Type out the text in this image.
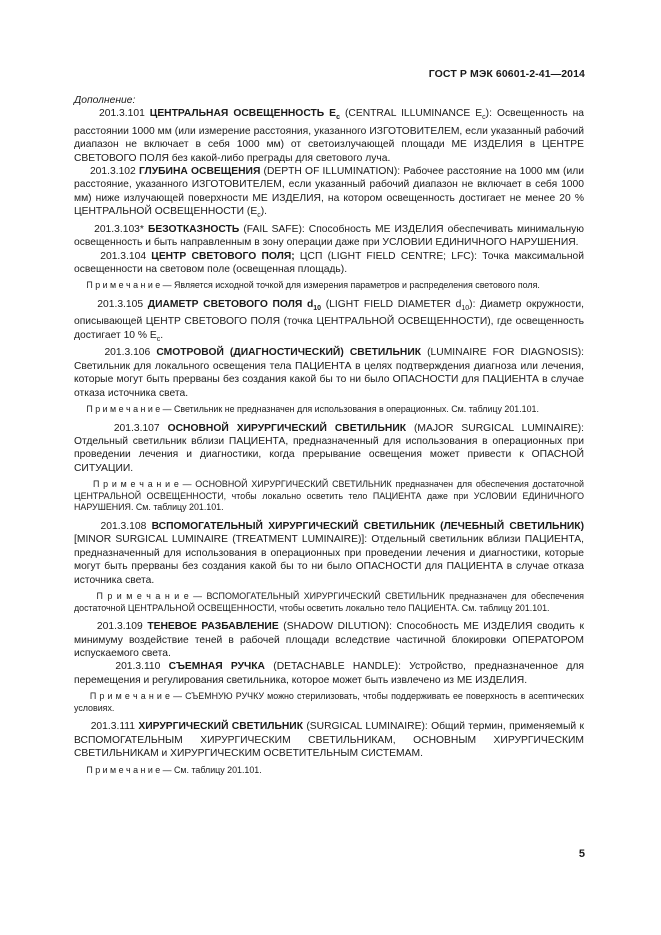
ГОСТ Р МЭК 60601-2-41—2014

Дополнение:

201.3.101 ЦЕНТРАЛЬНАЯ ОСВЕЩЕННОСТЬ $E_c$ (CENTRAL ILLUMINANCE $E_c$): Освещенность на расстоянии 1000 мм (или измерение расстояния, указанного ИЗГОТОВИТЕЛЕМ, если указанный рабочий диапазон не включает в себя 1000 мм) от светоизлучающей площади МЕ ИЗДЕЛИЯ в ЦЕНТРЕ СВЕТОВОГО ПОЛЯ без какой-либо преграды для светового луча.

201.3.102 ГЛУБИНА ОСВЕЩЕНИЯ (DEPTH OF ILLUMINATION): Рабочее расстояние на 1000 мм (или расстояние, указанного ИЗГОТОВИТЕЛЕМ, если указанный рабочий диапазон не включает в себя 1000 мм) ниже излучающей поверхности МЕ ИЗДЕЛИЯ, на котором освещенность достигает не менее 20 % ЦЕНТРАЛЬНОЙ ОСВЕЩЕННОСТИ $(E_c)$.

201.3.103* БЕЗОТКАЗНОСТЬ (FAIL SAFE): Способность МЕ ИЗДЕЛИЯ обеспечивать минимальную освещенность и быть направленным в зону операции даже при УСЛОВИИ ЕДИНИЧНОГО НАРУШЕНИЯ.

201.3.104 ЦЕНТР СВЕТОВОГО ПОЛЯ; ЦСП (LIGHT FIELD CENTRE; LFC): Точка максимальной освещенности на световом поле (освещенная площадь).

П р и м е ч а н и е — Является исходной точкой для измерения параметров и распределения светового поля.

201.3.105 ДИАМЕТР СВЕТОВОГО ПОЛЯ $d_{10}$ (LIGHT FIELD DIAMETER $d_{10}$): Диаметр окружности, описывающей ЦЕНТР СВЕТОВОГО ПОЛЯ (точка ЦЕНТРАЛЬНОЙ ОСВЕЩЕННОСТИ), где освещенность достигает 10 % $E_c$.

201.3.106 СМОТРОВОЙ (ДИАГНОСТИЧЕСКИЙ) СВЕТИЛЬНИК (LUMINAIRE FOR DIAGNOSIS): Светильник для локального освещения тела ПАЦИЕНТА в целях подтверждения диагноза или лечения, которые могут быть прерваны без создания какой бы то ни было ОПАСНОСТИ для ПАЦИЕНТА в случае отказа источника света.

П р и м е ч а н и е — Светильник не предназначен для использования в операционных. См. таблицу 201.101.

201.3.107 ОСНОВНОЙ ХИРУРГИЧЕСКИЙ СВЕТИЛЬНИК (MAJOR SURGICAL LUMINAIRE): Отдельный светильник вблизи ПАЦИЕНТА, предназначенный для использования в операционных при проведении лечения и диагностики, когда прерывание освещения может привести к ОПАСНОЙ СИТУАЦИИ.

П р и м е ч а н и е — ОСНОВНОЙ ХИРУРГИЧЕСКИЙ СВЕТИЛЬНИК предназначен для обеспечения достаточной ЦЕНТРАЛЬНОЙ ОСВЕЩЕННОСТИ, чтобы локально осветить тело ПАЦИЕНТА даже при УСЛОВИИ ЕДИНИЧНОГО НАРУШЕНИЯ. См. таблицу 201.101.

201.3.108 ВСПОМОГАТЕЛЬНЫЙ ХИРУРГИЧЕСКИЙ СВЕТИЛЬНИК (ЛЕЧЕБНЫЙ СВЕТИЛЬНИК) [MINOR SURGICAL LUMINAIRE (TREATMENT LUMINAIRE)]: Отдельный светильник вблизи ПАЦИЕНТА, предназначенный для использования в операционных при проведении лечения и диагностики, которые могут быть прерваны без создания какой бы то ни было ОПАСНОСТИ для ПАЦИЕНТА в случае отказа источника света.

П р и м е ч а н и е — ВСПОМОГАТЕЛЬНЫЙ ХИРУРГИЧЕСКИЙ СВЕТИЛЬНИК предназначен для обеспечения достаточной ЦЕНТРАЛЬНОЙ ОСВЕЩЕННОСТИ, чтобы осветить локально тело ПАЦИЕНТА. См. таблицу 201.101.

201.3.109 ТЕНЕВОЕ РАЗБАВЛЕНИЕ (SHADOW DILUTION): Способность МЕ ИЗДЕЛИЯ сводить к минимуму воздействие теней в рабочей площади вследствие частичной блокировки ОПЕРАТОРОМ испускаемого света.

201.3.110 СЪЕМНАЯ РУЧКА (DETACHABLE HANDLE): Устройство, предназначенное для перемещения и регулирования светильника, которое может быть извлечено из МЕ ИЗДЕЛИЯ.

П р и м е ч а н и е — СЪЕМНУЮ РУЧКУ можно стерилизовать, чтобы поддерживать ее поверхность в асептических условиях.

201.3.111 ХИРУРГИЧЕСКИЙ СВЕТИЛЬНИК (SURGICAL LUMINAIRE): Общий термин, применяемый к ВСПОМОГАТЕЛЬНЫМ ХИРУРГИЧЕСКИМ СВЕТИЛЬНИКАМ, ОСНОВНЫМ ХИРУРГИЧЕСКИМ СВЕТИЛЬНИКАМ и ХИРУРГИЧЕСКИМ ОСВЕТИТЕЛЬНЫМ СИСТЕМАМ.

П р и м е ч а н и е — См. таблицу 201.101.

5
